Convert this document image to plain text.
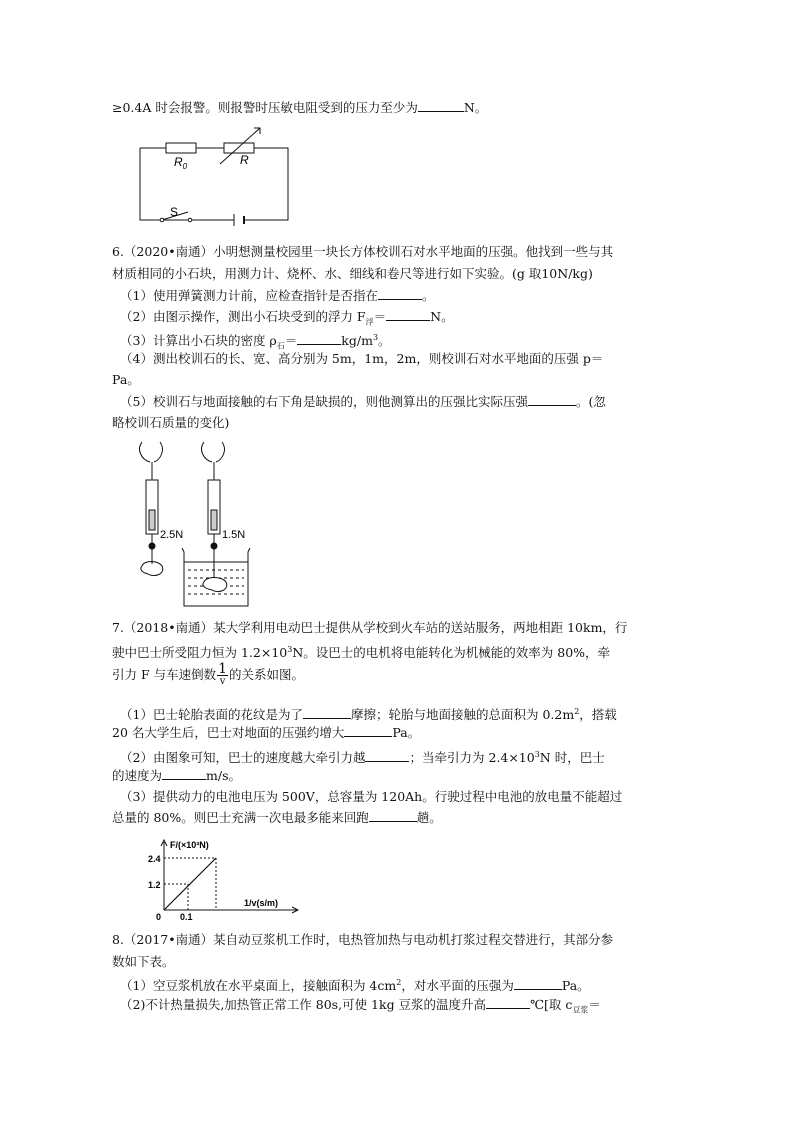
≥0.4A 时会报警。则报警时压敏电阻受到的压力至少为	N。
$R_0$	R
S
6.（2020•南通）小明想测量校园里一块长方体校训石对水平地面的压强。他找到一些与其
材质相同的小石块，用测力计、烧杯、水、细线和卷尺等进行如下实验。(g 取10N/kg)
（1）使用弹簧测力计前，应检查指针是否指在	。
（2）由图示操作，测出小石块受到的浮力 $F_浮=$	N。
（3）计算出小石块的密度 $\rho_石=$	$kg/m^3$。
（4）测出校训石的长、宽、高分别为 5m，1m，2m，则校训石对水平地面的压强 p＝
Pa。
（5）校训石与地面接触的右下角是缺损的，则他测算出的压强比实际压强	。(忽
略校训石质量的变化)
2.5N	1.5N
7.（2018•南通）某大学利用电动巴士提供从学校到火车站的送站服务，两地相距 10km，行
驶中巴士所受阻力恒为 $1.2\times 10^3N$。设巴士的电机将电能转化为机械能的效率为 80%，牵
引力 F 与车速倒数 $\frac{1}{v}$ 的关系如图。
（1）巴士轮胎表面的花纹是为了	摩擦；轮胎与地面接触的总面积为 $0.2m^2$，搭载
20 名大学生后，巴士对地面的压强约增大	Pa。
（2）由图象可知，巴士的速度越大牵引力越	；当牵引力为 $2.4\times 10^3N$ 时，巴士
的速度为	m/s。
（3）提供动力的电池电压为 500V，总容量为 120Ah。行驶过程中电池的放电量不能超过
总量的 80%。则巴士充满一次电最多能来回跑	趟。
F/(×10³N)
1/v(s/m)
2.4
1.2
0.1
0
8.（2017•南通）某自动豆浆机工作时，电热管加热与电动机打浆过程交替进行，其部分参
数如下表。
（1）空豆浆机放在水平桌面上，接触面积为 $4cm^2$，对水平面的压强为	Pa。
（2)不计热量损失,加热管正常工作 80s,可使 1kg 豆浆的温度升高	℃[取 $c_{豆浆}=$
